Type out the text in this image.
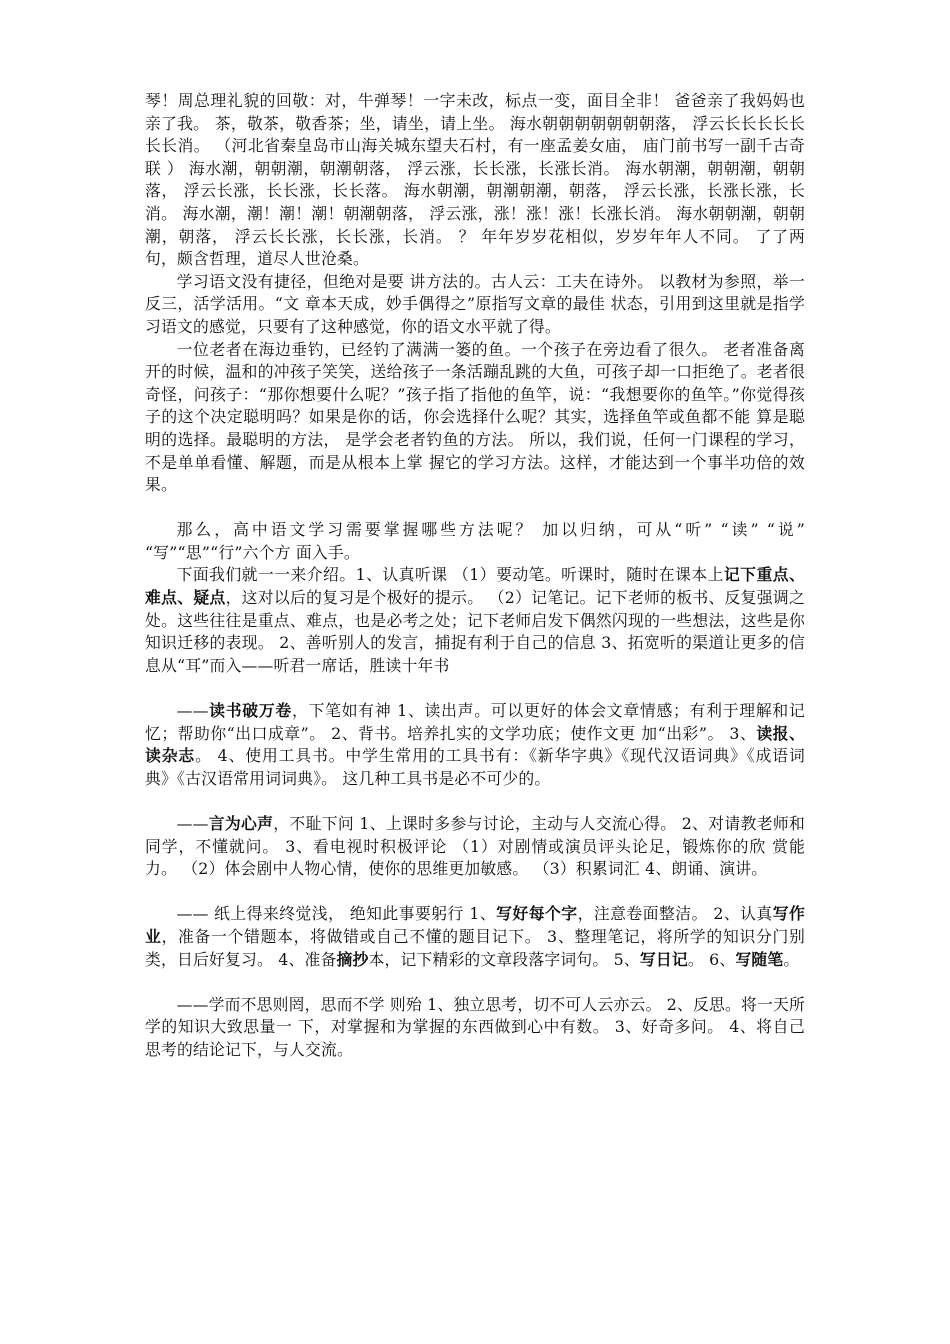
琴！周总理礼貌的回敬：对，牛弹琴！一字未改，标点一变，面目全非！ 爸爸亲了我妈妈也亲了我。 茶，敬茶，敬香茶；坐，请坐，请上坐。 海水朝朝朝朝朝朝朝落， 浮云长长长长长长长消。 （河北省秦皇岛市山海关城东望夫石村，有一座孟姜女庙， 庙门前书写一副千古奇联 ） 海水潮，朝朝潮，朝潮朝落， 浮云涨，长长涨，长涨长消。 海水朝潮，朝朝潮，朝朝落， 浮云长涨，长长涨，长长落。 海水朝潮，朝潮朝潮，朝落， 浮云长涨，长涨长涨，长消。 海水潮，潮！潮！潮！朝潮朝落， 浮云涨，涨！涨！涨！长涨长消。 海水朝朝潮，朝朝潮，朝落， 浮云长长涨，长长涨，长消。 ？ 年年岁岁花相似，岁岁年年人不同。 了了两句，颇含哲理，道尽人世沧桑。

学习语文没有捷径，但绝对是要 讲方法的。古人云：工夫在诗外。 以教材为参照，举一反三，活学活用。“文 章本天成，妙手偶得之”原指写文章的最佳 状态，引用到这里就是指学习语文的感觉，只要有了这种感觉，你的语文水平就了得。

一位老者在海边垂钓，已经钓了满满一篓的鱼。一个孩子在旁边看了很久。 老者准备离开的时候，温和的冲孩子笑笑，送给孩子一条活蹦乱跳的大鱼，可孩子却一口拒绝了。老者很奇怪，问孩子：“那你想要什么呢？”孩子指了指他的鱼竿，说：“我想要你的鱼竿。”你觉得孩子的这个决定聪明吗？如果是你的话，你会选择什么呢？其实，选择鱼竿或鱼都不能 算是聪明的选择。最聪明的方法， 是学会老者钓鱼的方法。 所以，我们说，任何一门课程的学习，不是单单看懂、解题，而是从根本上掌 握它的学习方法。这样，才能达到一个事半功倍的效果。

那么，高中语文学习需要掌握哪些方法呢？ 加以归纳，可从“听” “读” “说” “写”“思”“行”六个方 面入手。

下面我们就一一来介绍。1、认真听课 （1）要动笔。听课时，随时在课本上记下重点、难点、疑点，这对以后的复习是个极好的提示。 （2）记笔记。记下老师的板书、反复强调之处。这些往往是重点、难点，也是必考之处；记下老师启发下偶然闪现的一些想法，这些是你知识迁移的表现。 2、善听别人的发言，捕捉有利于自己的信息 3、拓宽听的渠道让更多的信息从“耳”而入——听君一席话，胜读十年书

——读书破万卷，下笔如有神 1、读出声。可以更好的体会文章情感；有利于理解和记忆；帮助你“出口成章”。 2、背书。培养扎实的文学功底；使作文更 加“出彩”。 3、读报、读杂志。 4、使用工具书。中学生常用的工具书有：《新华字典》《现代汉语词典》《成语词 典》《古汉语常用词词典》。 这几种工具书是必不可少的。

——言为心声，不耻下问 1、上课时多参与讨论，主动与人交流心得。 2、对请教老师和同学，不懂就问。 3、看电视时积极评论 （1）对剧情或演员评头论足，锻炼你的欣 赏能力。 （2）体会剧中人物心情，使你的思维更加敏感。 （3）积累词汇 4、朗诵、演讲。

—— 纸上得来终觉浅， 绝知此事要躬行 1、写好每个字，注意卷面整洁。 2、认真写作业，准备一个错题本，将做错或自己不懂的题目记下。 3、整理笔记，将所学的知识分门别类，日后好复习。 4、准备摘抄本，记下精彩的文章段落字词句。 5、写日记。 6、写随笔。

——学而不思则罔，思而不学 则殆 1、独立思考，切不可人云亦云。 2、反思。将一天所学的知识大致思量一 下，对掌握和为掌握的东西做到心中有数。 3、好奇多问。 4、将自己思考的结论记下，与人交流。
